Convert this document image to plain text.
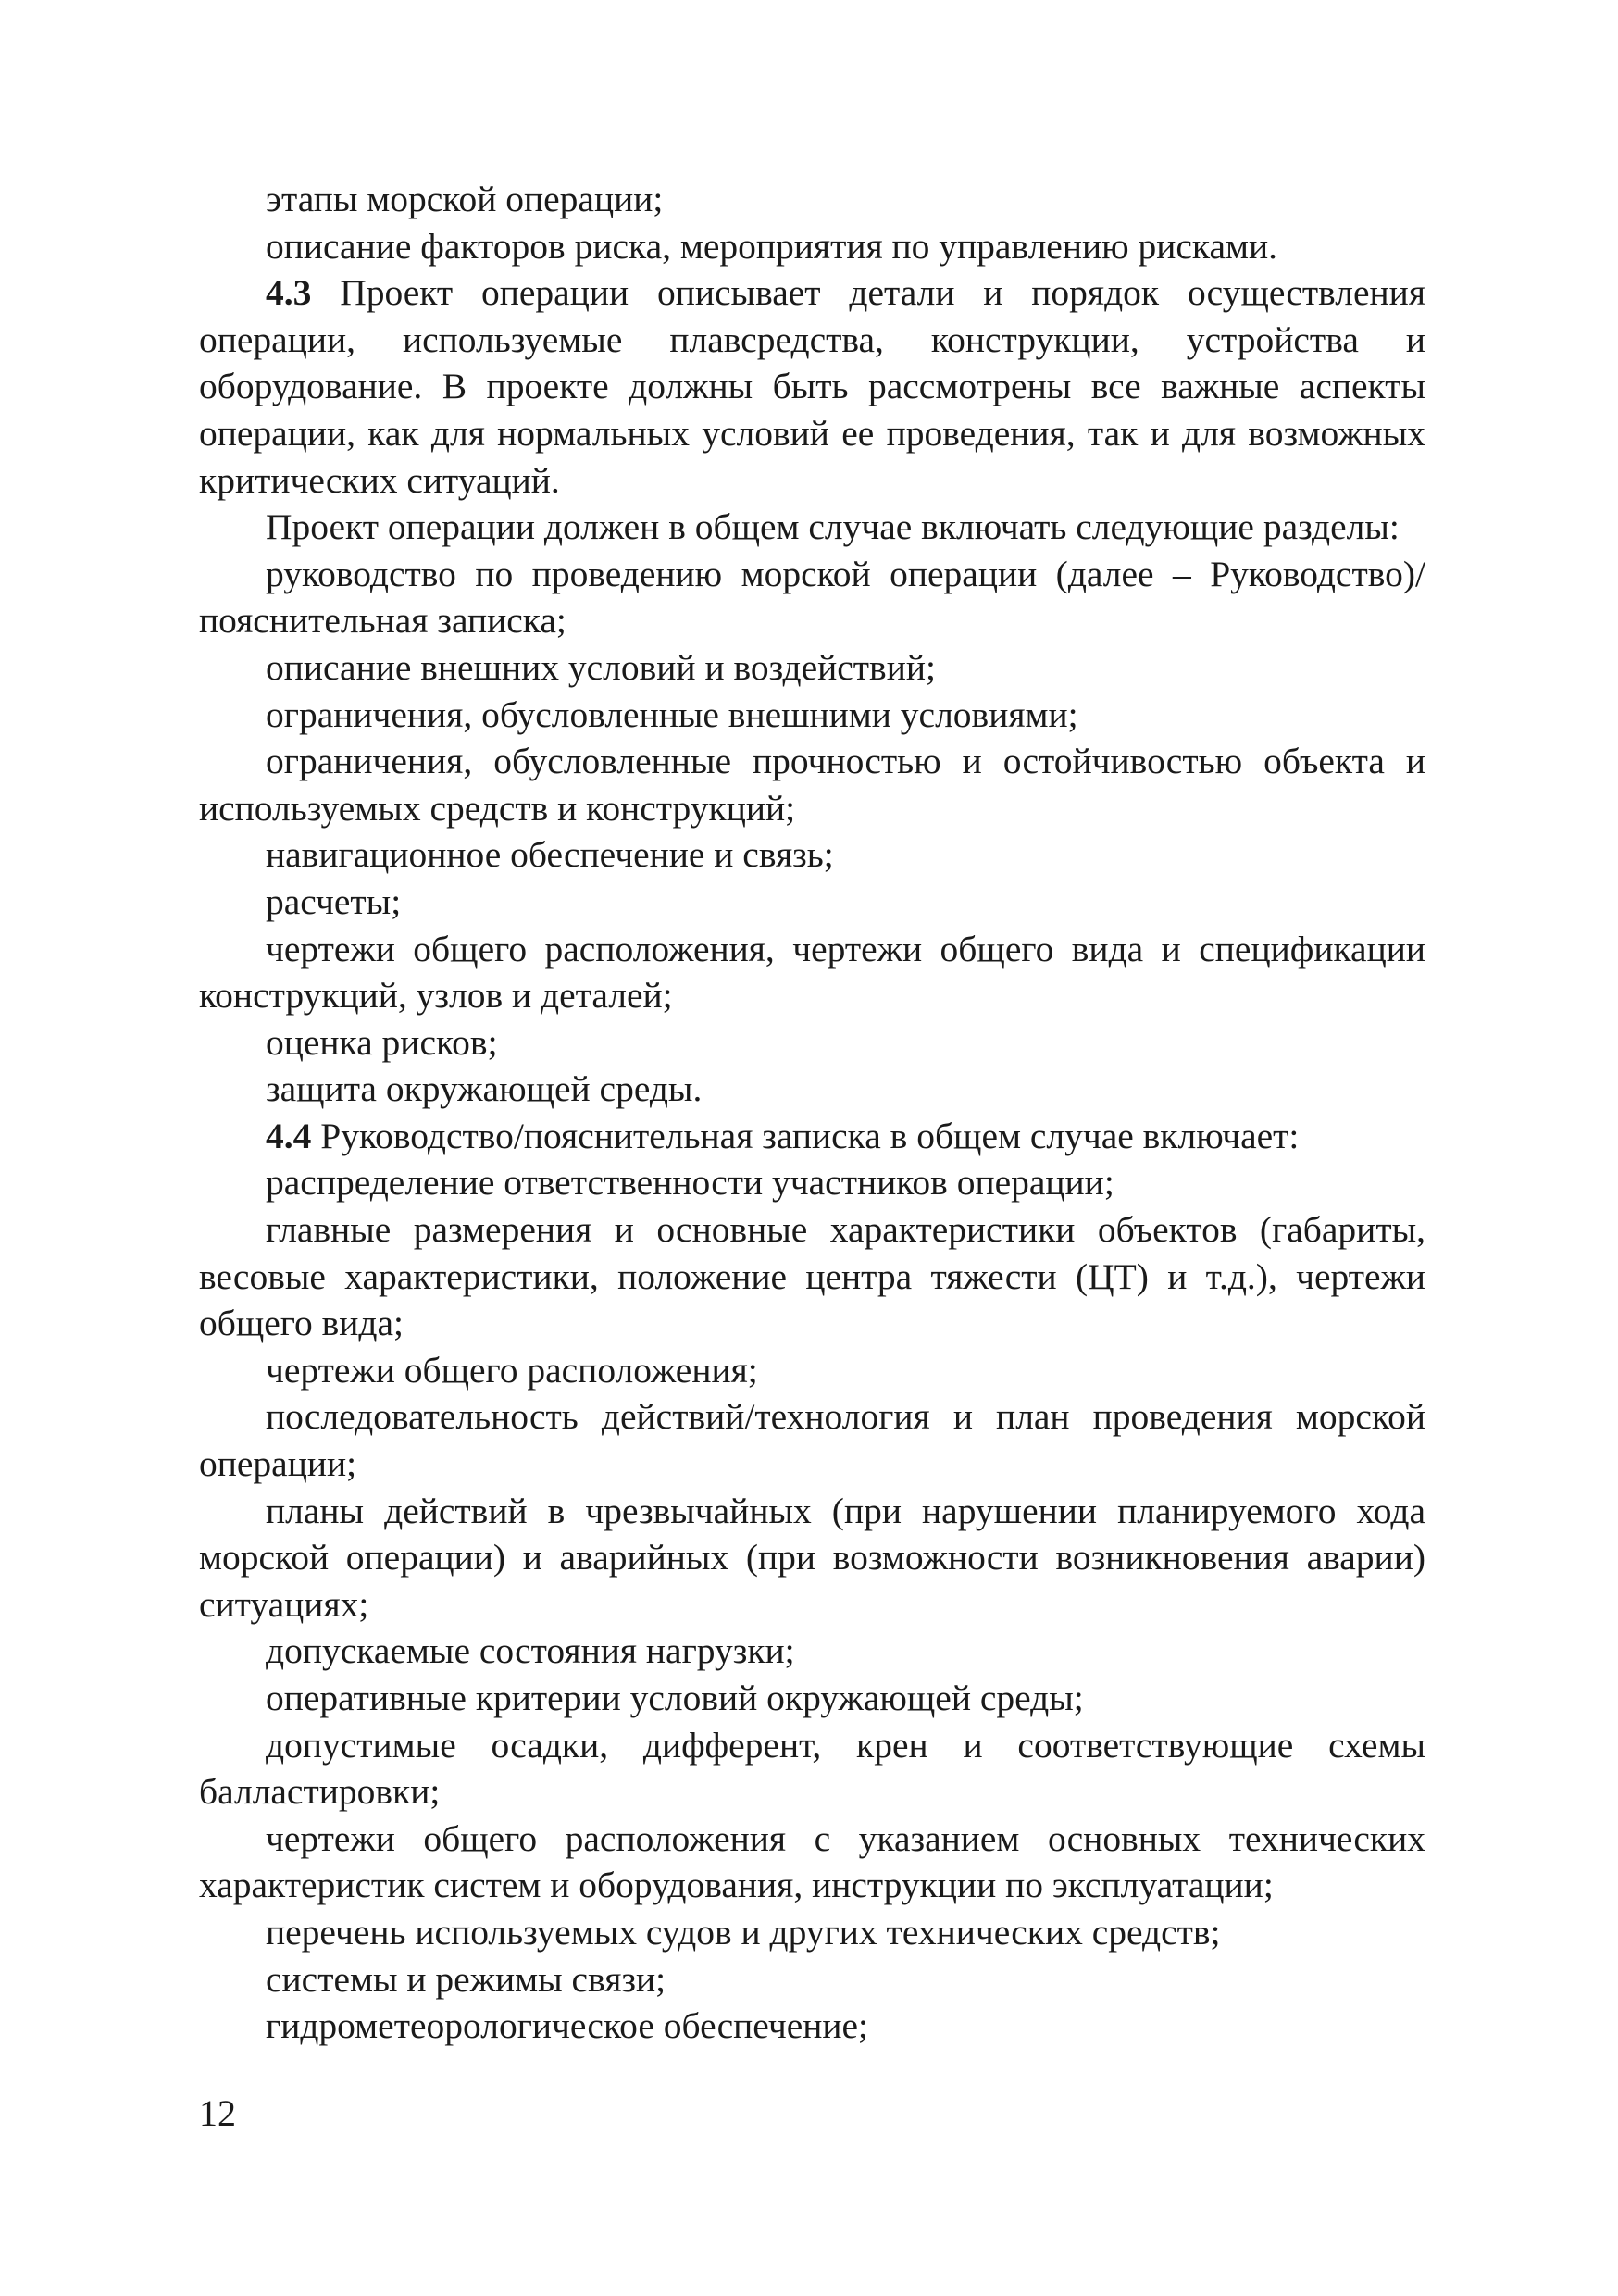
этапы морской операции;

описание факторов риска, мероприятия по управлению рисками.

4.3 Проект операции описывает детали и порядок осуществления операции, используемые плавсредства, конструкции, устройства и оборудование. В проекте должны быть рассмотрены все важные аспекты операции, как для нормальных условий ее проведения, так и для возможных критических ситуаций.

Проект операции должен в общем случае включать следующие разделы:

руководство по проведению морской операции (далее – Руководство)/ пояснительная записка;

описание внешних условий и воздействий;

ограничения, обусловленные внешними условиями;

ограничения, обусловленные прочностью и остойчивостью объекта и используемых средств и конструкций;

навигационное обеспечение и связь;

расчеты;

чертежи общего расположения, чертежи общего вида и спецификации конструкций, узлов и деталей;

оценка рисков;

защита окружающей среды.

4.4 Руководство/пояснительная записка в общем случае включает:

распределение ответственности участников операции;

главные размерения и основные характеристики объектов (габариты, весовые характеристики, положение центра тяжести (ЦТ) и т.д.), чертежи общего вида;

чертежи общего расположения;

последовательность действий/технология и план проведения морской операции;

планы действий в чрезвычайных (при нарушении планируемого хода морской операции) и аварийных (при возможности возникновения аварии) ситуациях;

допускаемые состояния нагрузки;

оперативные критерии условий окружающей среды;

допустимые осадки, дифферент, крен и соответствующие схемы балластировки;

чертежи общего расположения с указанием основных технических характеристик систем и оборудования, инструкции по эксплуатации;

перечень используемых судов и других технических средств;

системы и режимы связи;

гидрометеорологическое обеспечение;

12
